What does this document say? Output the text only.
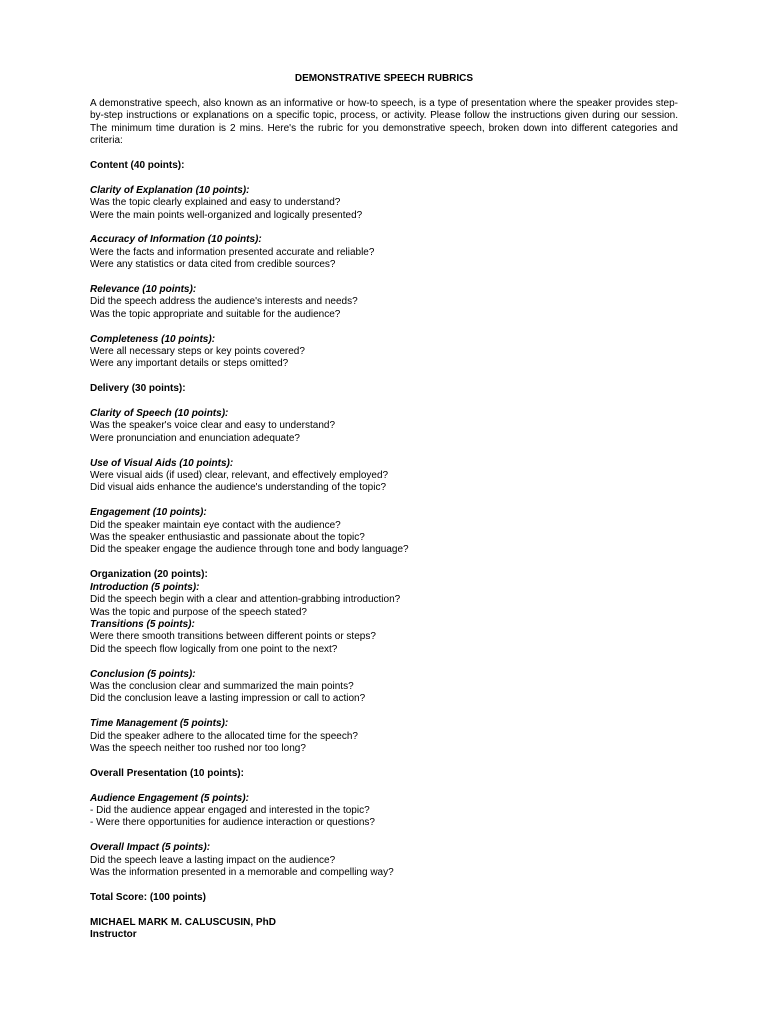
DEMONSTRATIVE SPEECH RUBRICS

A demonstrative speech, also known as an informative or how-to speech, is a type of presentation where the speaker provides step-by-step instructions or explanations on a specific topic, process, or activity. Please follow the instructions given during our session. The minimum time duration is 2 mins. Here's the rubric for you demonstrative speech, broken down into different categories and criteria:

Content (40 points):

Clarity of Explanation (10 points):

Was the topic clearly explained and easy to understand?

Were the main points well-organized and logically presented?

Accuracy of Information (10 points):

Were the facts and information presented accurate and reliable?

Were any statistics or data cited from credible sources?

Relevance (10 points):

Did the speech address the audience's interests and needs?

Was the topic appropriate and suitable for the audience?

Completeness (10 points):

Were all necessary steps or key points covered?

Were any important details or steps omitted?

Delivery (30 points):

Clarity of Speech (10 points):

Was the speaker's voice clear and easy to understand?

Were pronunciation and enunciation adequate?

Use of Visual Aids (10 points):

Were visual aids (if used) clear, relevant, and effectively employed?

Did visual aids enhance the audience's understanding of the topic?

Engagement (10 points):

Did the speaker maintain eye contact with the audience?

Was the speaker enthusiastic and passionate about the topic?

Did the speaker engage the audience through tone and body language?

Organization (20 points):

Introduction (5 points):

Did the speech begin with a clear and attention-grabbing introduction?

Was the topic and purpose of the speech stated?

Transitions (5 points):

Were there smooth transitions between different points or steps?

Did the speech flow logically from one point to the next?

Conclusion (5 points):

Was the conclusion clear and summarized the main points?

Did the conclusion leave a lasting impression or call to action?

Time Management (5 points):

Did the speaker adhere to the allocated time for the speech?

Was the speech neither too rushed nor too long?

Overall Presentation (10 points):

Audience Engagement (5 points):

- Did the audience appear engaged and interested in the topic?

- Were there opportunities for audience interaction or questions?

Overall Impact (5 points):

Did the speech leave a lasting impact on the audience?

Was the information presented in a memorable and compelling way?

Total Score: (100 points)

MICHAEL MARK M. CALUSCUSIN, PhD

Instructor
